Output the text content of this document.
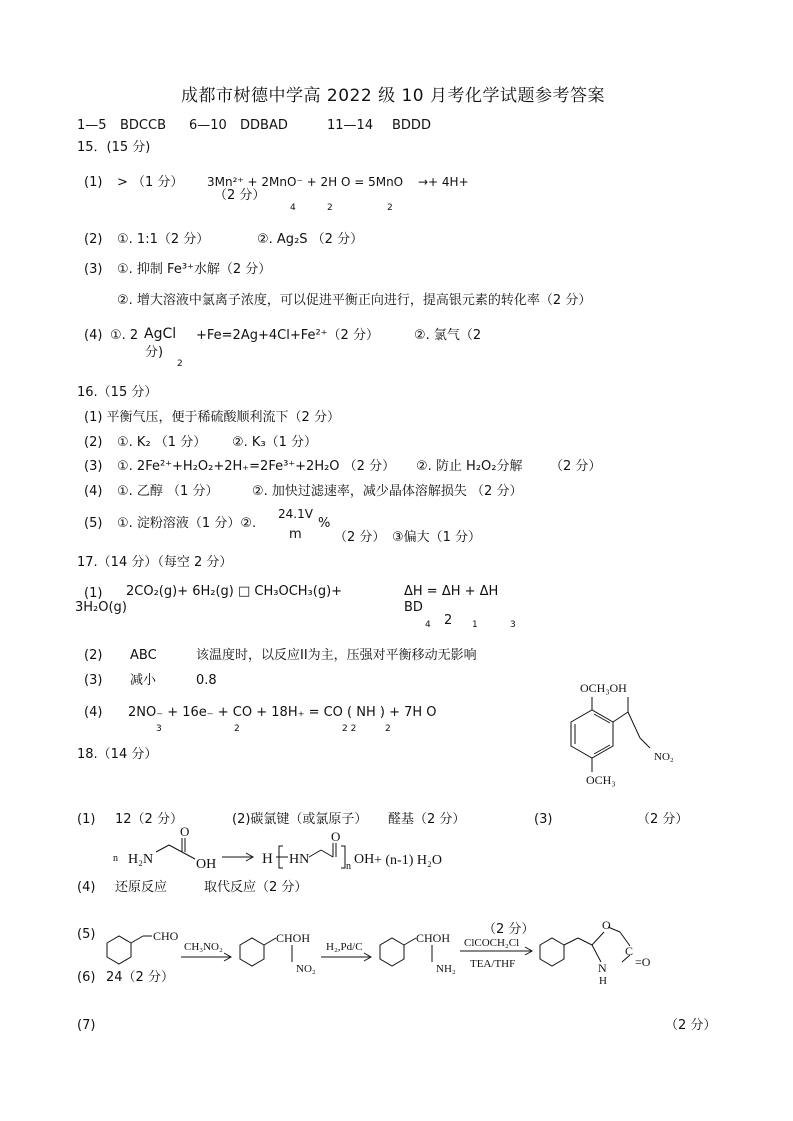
成都市树德中学高 2022 级 10 月考化学试题参考答案
1—5 BDCCB 6—10 DDBAD	11—14 BDDD
15．(15 分)
(1) > （1 分） 3Mn²⁺ + 2MnO⁻ + 2H O = 5MnO →+ 4H+
（2 分）
4	2	2
(2) ①. 1:1（2 分）	②. Ag₂S （2 分）
(3) ①. 抑制 Fe³⁺水解（2 分）
②. 增大溶液中氯离子浓度，可以促进平衡正向进行，提高银元素的转化率（2 分）
(4) ①. 2 AgCl +Fe=2Ag+4Cl+Fe²⁺（2 分）
分)
2
②. 氯气（2
16.（15 分）
(1) 平衡气压，便于稀硫酸顺利流下（2 分）
(2) ①. K₂ （1 分） ②. K₃（1 分）
(3) ①. 2Fe²⁺+H₂O₂+2H₊=2Fe³⁺+2H₂O （2 分） ②. 防止 H₂O₂分解 （2 分）
(4) ①. 乙醇 （1 分）	②. 加快过滤速率，减少晶体溶解损失 （2 分）
(5) ①. 淀粉溶液（1 分）②.
24.1V
%
m （2 分） ③偏大（1 分）
17.（14 分）（每空 2 分）
(1) 2CO₂(g)+ 6H₂(g) □ CH₃OCH₃(g)+
3H₂O(g)
ΔH = ΔH + ΔH
BD
4 2 1	3
(2) ABC	该温度时，以反应II为主，压强对平衡移动无影响
(3) 减小	0.8
(4) 2NO₋ + 16e₋ + CO + 18H₊ = CO ( NH ) + 7H O
3	2	2 2	2
OCH₃OH
NO₂
OCH₃
18.（14 分）
(1) 12（2 分）	(2)碳氯键（或氯原子） 醛基（2 分）	(3)	（2 分）
n H₂N
O
OH	H HN
O
n OH + (n-1) H₂O
(4) 还原反应	取代反应（2 分）
(5)	（2 分）
CHO
CH₃NO₂
CHOH
NO₂
H₂,Pd/C
CHOH
NH₂
ClCOCH₂Cl
TEA/THF
O
N
H
C
=O
(6) 24（2 分）
(7)	（2 分）
